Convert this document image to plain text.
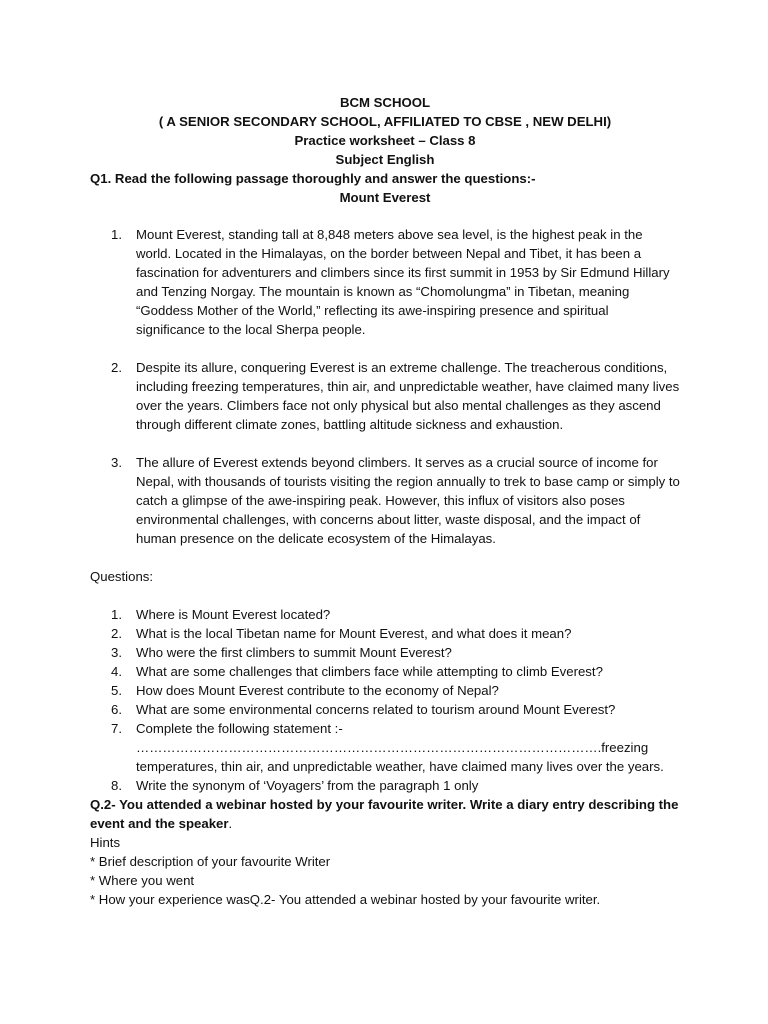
BCM SCHOOL
( A SENIOR SECONDARY SCHOOL, AFFILIATED TO CBSE , NEW DELHI)
Practice worksheet – Class 8
Subject English
Q1. Read the following passage thoroughly and answer the questions:-
Mount Everest
1. Mount Everest, standing tall at 8,848 meters above sea level, is the highest peak in the world. Located in the Himalayas, on the border between Nepal and Tibet, it has been a fascination for adventurers and climbers since its first summit in 1953 by Sir Edmund Hillary and Tenzing Norgay. The mountain is known as “Chomolungma” in Tibetan, meaning “Goddess Mother of the World,” reflecting its awe-inspiring presence and spiritual significance to the local Sherpa people.
2. Despite its allure, conquering Everest is an extreme challenge. The treacherous conditions, including freezing temperatures, thin air, and unpredictable weather, have claimed many lives over the years. Climbers face not only physical but also mental challenges as they ascend through different climate zones, battling altitude sickness and exhaustion.
3. The allure of Everest extends beyond climbers. It serves as a crucial source of income for Nepal, with thousands of tourists visiting the region annually to trek to base camp or simply to catch a glimpse of the awe-inspiring peak. However, this influx of visitors also poses environmental challenges, with concerns about litter, waste disposal, and the impact of human presence on the delicate ecosystem of the Himalayas.
Questions:
1. Where is Mount Everest located?
2. What is the local Tibetan name for Mount Everest, and what does it mean?
3. Who were the first climbers to summit Mount Everest?
4. What are some challenges that climbers face while attempting to climb Everest?
5. How does Mount Everest contribute to the economy of Nepal?
6. What are some environmental concerns related to tourism around Mount Everest?
7. Complete the following statement :-
…………………………………………………………………………………………….freezing temperatures, thin air, and unpredictable weather, have claimed many lives over the years.
8. Write the synonym of ‘Voyagers’ from the paragraph 1 only
Q.2- You attended a webinar hosted by your favourite writer. Write a diary entry describing the event and the speaker.
Hints
* Brief description of your favourite Writer
* Where you went
* How your experience wasQ.2- You attended a webinar hosted by your favourite writer.
